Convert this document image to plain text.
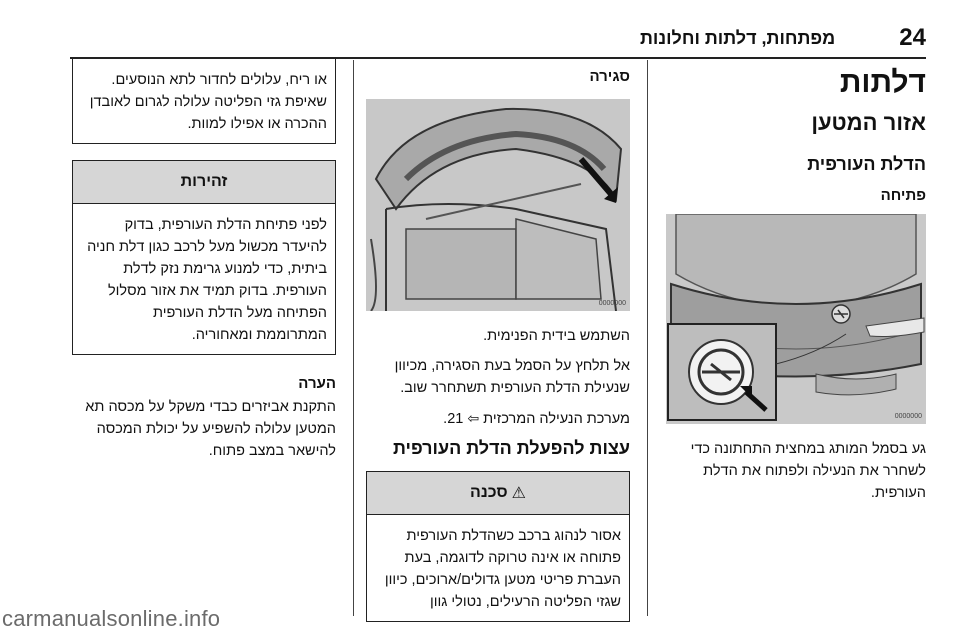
24
מפתחות, דלתות וחלונות
דלתות
אזור המטען
הדלת העורפית
פתיחה
0000000

גע בסמל המותג במחצית התחתונה כדי לשחרר את הנעילה ולפתוח את הדלת העורפית.

סגירה
0000000

השתמש בידית הפנימית.

אל תלחץ על הסמל בעת הסגירה, מכיוון שנעילת הדלת העורפית תשתחרר שוב.

מערכת הנעילה המרכזית ⇦ 21.

עצות להפעלת הדלת העורפית
⚠
סכנה
אסור לנהוג ברכב כשהדלת העורפית פתוחה או אינה טרוקה לדוגמה, בעת העברת פריטי מטען גדולים/ארוכים, כיוון שגזי הפליטה הרעילים, נטולי גוון
או ריח, עלולים לחדור לתא הנוסעים. שאיפת גזי הפליטה עלולה לגרום לאובדן ההכרה או אפילו למוות.
זהירות
לפני פתיחת הדלת העורפית, בדוק להיעדר מכשול מעל לרכב כגון דלת חניה ביתית, כדי למנוע גרימת נזק לדלת העורפית. בדוק תמיד את אזור מסלול הפתיחה מעל הדלת העורפית המתרוממת ומאחוריה.
הערה

התקנת אביזרים כבדי משקל על מכסה תא המטען עלולה להשפיע על יכולת המכסה להישאר במצב פתוח.

carmanualsonline.info
